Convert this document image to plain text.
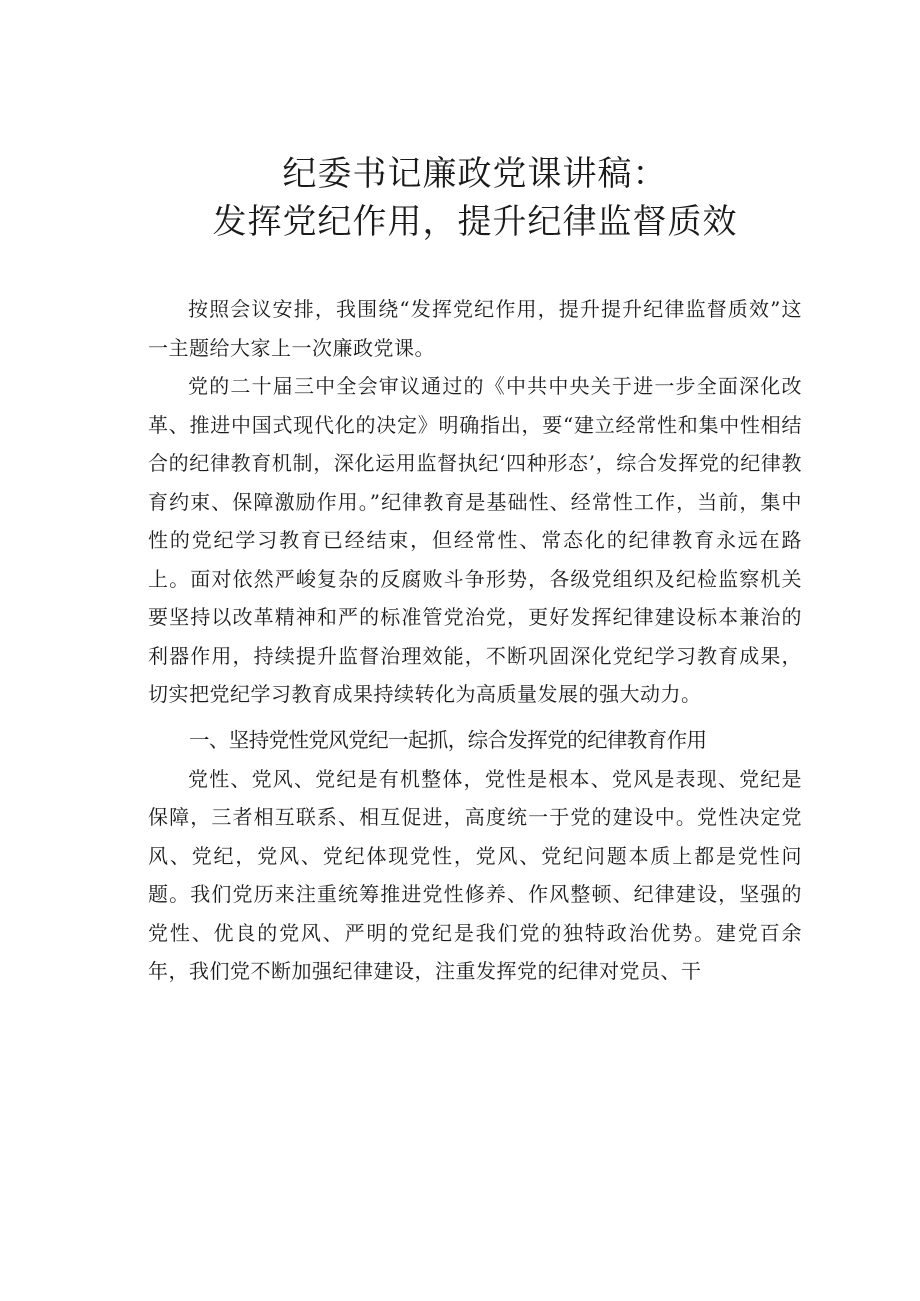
纪委书记廉政党课讲稿：
发挥党纪作用，提升纪律监督质效

按照会议安排，我围绕“发挥党纪作用，提升提升纪律监督质效”这一主题给大家上一次廉政党课。

党的二十届三中全会审议通过的《中共中央关于进一步全面深化改革、推进中国式现代化的决定》明确指出，要“建立经常性和集中性相结合的纪律教育机制，深化运用监督执纪‘四种形态’，综合发挥党的纪律教育约束、保障激励作用。”纪律教育是基础性、经常性工作，当前，集中性的党纪学习教育已经结束，但经常性、常态化的纪律教育永远在路上。面对依然严峻复杂的反腐败斗争形势，各级党组织及纪检监察机关要坚持以改革精神和严的标准管党治党，更好发挥纪律建设标本兼治的利器作用，持续提升监督治理效能，不断巩固深化党纪学习教育成果，切实把党纪学习教育成果持续转化为高质量发展的强大动力。

一、坚持党性党风党纪一起抓，综合发挥党的纪律教育作用

党性、党风、党纪是有机整体，党性是根本、党风是表现、党纪是保障，三者相互联系、相互促进，高度统一于党的建设中。党性决定党风、党纪，党风、党纪体现党性，党风、党纪问题本质上都是党性问题。我们党历来注重统筹推进党性修养、作风整顿、纪律建设，坚强的党性、优良的党风、严明的党纪是我们党的独特政治优势。建党百余年，我们党不断加强纪律建设，注重发挥党的纪律对党员、干
